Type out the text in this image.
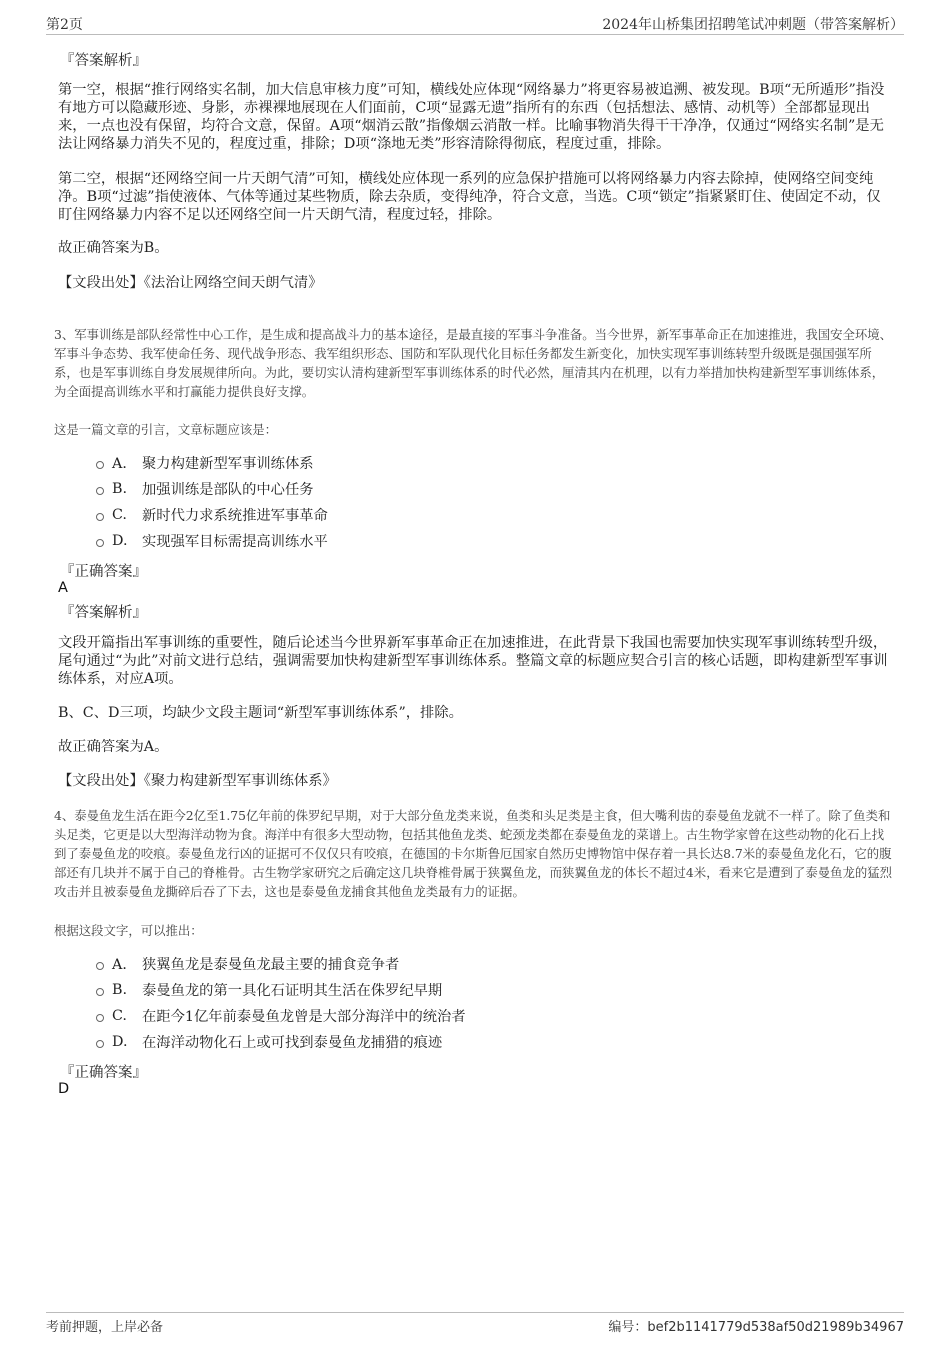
第2页	2024年山桥集团招聘笔试冲刺题（带答案解析）
『答案解析』

第一空，根据“推行网络实名制，加大信息审核力度”可知，横线处应体现“网络暴力”将更容易被追溯、被发现。B项“无所遁形”指没有地方可以隐藏形迹、身影，赤裸裸地展现在人们面前，C项“显露无遗”指所有的东西（包括想法、感情、动机等）全部都显现出来，一点也没有保留，均符合文意，保留。A项“烟消云散”指像烟云消散一样。比喻事物消失得干干净净，仅通过“网络实名制”是无法让网络暴力消失不见的，程度过重，排除；D项“涤地无类”形容清除得彻底，程度过重，排除。

第二空，根据“还网络空间一片天朗气清”可知，横线处应体现一系列的应急保护措施可以将网络暴力内容去除掉，使网络空间变纯净。B项“过滤”指使液体、气体等通过某些物质，除去杂质，变得纯净，符合文意，当选。C项“锁定”指紧紧盯住、使固定不动，仅盯住网络暴力内容不足以还网络空间一片天朗气清，程度过轻，排除。

故正确答案为B。
【文段出处】《法治让网络空间天朗气清》

3、军事训练是部队经常性中心工作，是生成和提高战斗力的基本途径，是最直接的军事斗争准备。当今世界，新军事革命正在加速推进，我国安全环境、军事斗争态势、我军使命任务、现代战争形态、我军组织形态、国防和军队现代化目标任务都发生新变化，加快实现军事训练转型升级既是强国强军所系，也是军事训练自身发展规律所向。为此，要切实认清构建新型军事训练体系的时代必然，厘清其内在机理，以有力举措加快构建新型军事训练体系，为全面提高训练水平和打赢能力提供良好支撑。

这是一篇文章的引言，文章标题应该是：
A． 聚力构建新型军事训练体系
B.	加强训练是部队的中心任务
C.	新时代力求系统推进军事革命
D.	实现强军目标需提高训练水平
『正确答案』
A
『答案解析』

文段开篇指出军事训练的重要性，随后论述当今世界新军事革命正在加速推进，在此背景下我国也需要加快实现军事训练转型升级，尾句通过“为此”对前文进行总结，强调需要加快构建新型军事训练体系。整篇文章的标题应契合引言的核心话题，即构建新型军事训练体系，对应A项。

B、C、D三项，均缺少文段主题词“新型军事训练体系”，排除。
故正确答案为A。
【文段出处】《聚力构建新型军事训练体系》

4、泰曼鱼龙生活在距今2亿至1.75亿年前的侏罗纪早期，对于大部分鱼龙类来说，鱼类和头足类是主食，但大嘴利齿的泰曼鱼龙就不一样了。除了鱼类和头足类，它更是以大型海洋动物为食。海洋中有很多大型动物，包括其他鱼龙类、蛇颈龙类都在泰曼鱼龙的菜谱上。古生物学家曾在这些动物的化石上找到了泰曼鱼龙的咬痕。泰曼鱼龙行凶的证据可不仅仅只有咬痕，在德国的卡尔斯鲁厄国家自然历史博物馆中保存着一具长达8.7米的泰曼鱼龙化石，它的腹部还有几块并不属于自己的脊椎骨。古生物学家研究之后确定这几块脊椎骨属于狭翼鱼龙，而狭翼鱼龙的体长不超过4米，看来它是遭到了泰曼鱼龙的猛烈攻击并且被泰曼鱼龙撕碎后吞了下去，这也是泰曼鱼龙捕食其他鱼龙类最有力的证据。

根据这段文字，可以推出：
A． 狭翼鱼龙是泰曼鱼龙最主要的捕食竞争者
B.	泰曼鱼龙的第一具化石证明其生活在侏罗纪早期
C.	在距今1亿年前泰曼鱼龙曾是大部分海洋中的统治者
D.	在海洋动物化石上或可找到泰曼鱼龙捕猎的痕迹
『正确答案』
D
考前押题，上岸必备	编号：bef2b1141779d538af50d21989b34967
